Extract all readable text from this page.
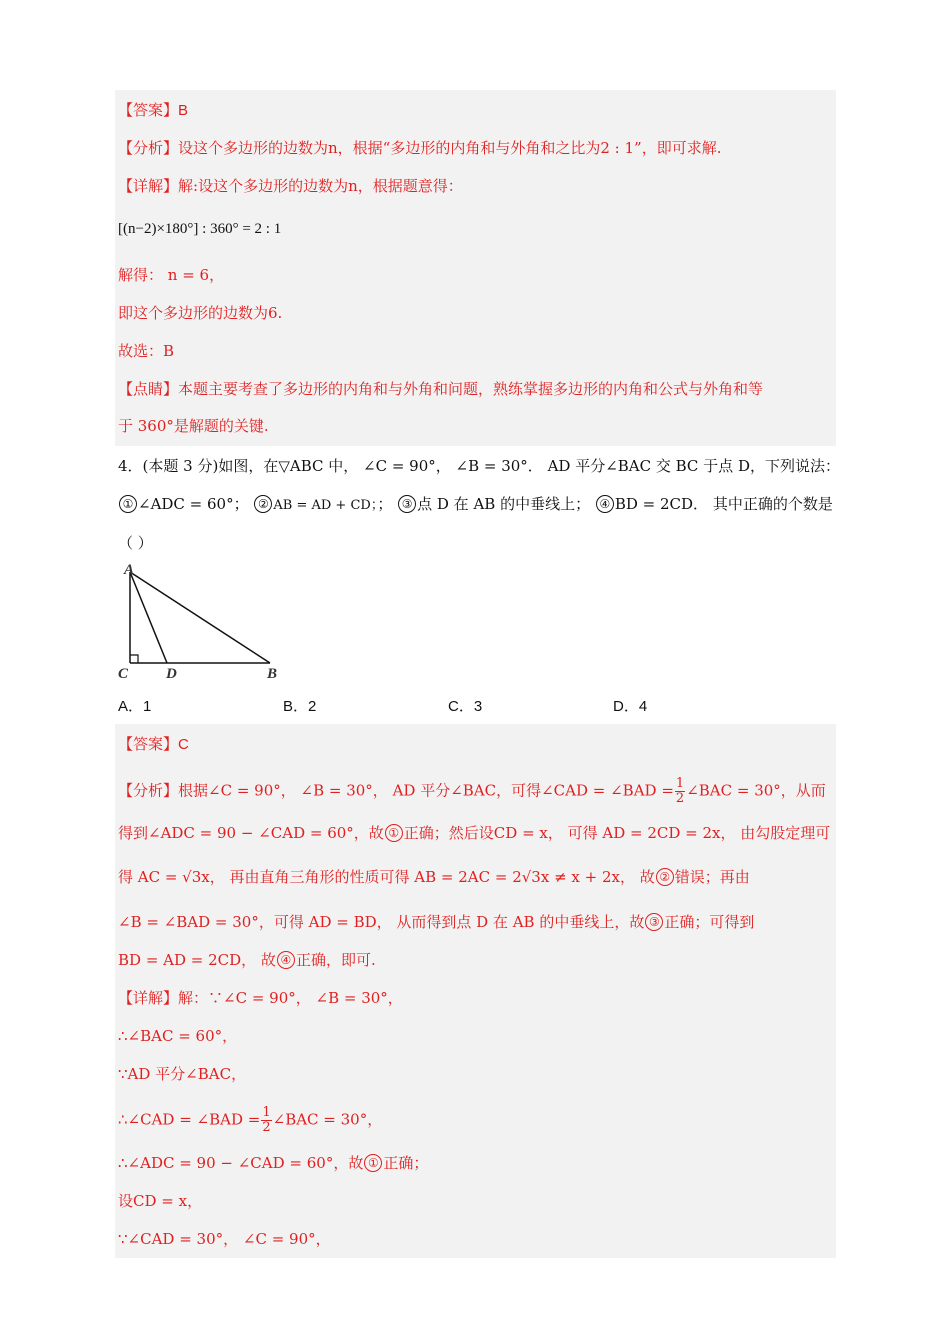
【答案】B
【分析】设这个多边形的边数为n，根据“多边形的内角和与外角和之比为2 : 1”，即可求解.
【详解】解:设这个多边形的边数为n，根据题意得：
[(n−2)×180°] : 360° = 2 : 1
解得： n = 6，
即这个多边形的边数为6.
故选：B
【点睛】本题主要考查了多边形的内角和与外角和问题，熟练掌握多边形的内角和公式与外角和等
于 360°是解题的关键.
4．(本题 3 分)如图，在▽ABC 中， ∠C = 90°， ∠B = 30°． AD 平分∠BAC 交 BC 于点 D，下列说法：
① ∠ADC = 60°； ② AB = AD + CD；； ③ 点 D 在 AB 的中垂线上； ④ BD = 2CD． 其中正确的个数是
（ ）
A
C	D	B
A．1	B．2	C．3	D．4
【答案】C
【分析】根据∠C = 90°， ∠B = 30°， AD 平分∠BAC，可得∠CAD = ∠BAD = $\frac{1}{2}$ ∠BAC = 30°，从而
得到∠ADC = 90 − ∠CAD = 60°，故 ① 正确；然后设CD = x， 可得 AD = 2CD = 2x， 由勾股定理可
得 AC = √3x， 再由直角三角形的性质可得 AB = 2AC = 2√3x ≠ x + 2x， 故 ② 错误；再由
∠B = ∠BAD = 30°，可得 AD = BD， 从而得到点 D 在 AB 的中垂线上，故 ③ 正确；可得到
BD = AD = 2CD， 故 ④ 正确，即可.
【详解】解：∵∠C = 90°， ∠B = 30°，
∴∠BAC = 60°，
∵AD 平分∠BAC，
∴∠CAD = ∠BAD = $\frac{1}{2}$ ∠BAC = 30°，
∴∠ADC = 90 − ∠CAD = 60°，故 ① 正确；
设CD = x，
∵∠CAD = 30°， ∠C = 90°，
